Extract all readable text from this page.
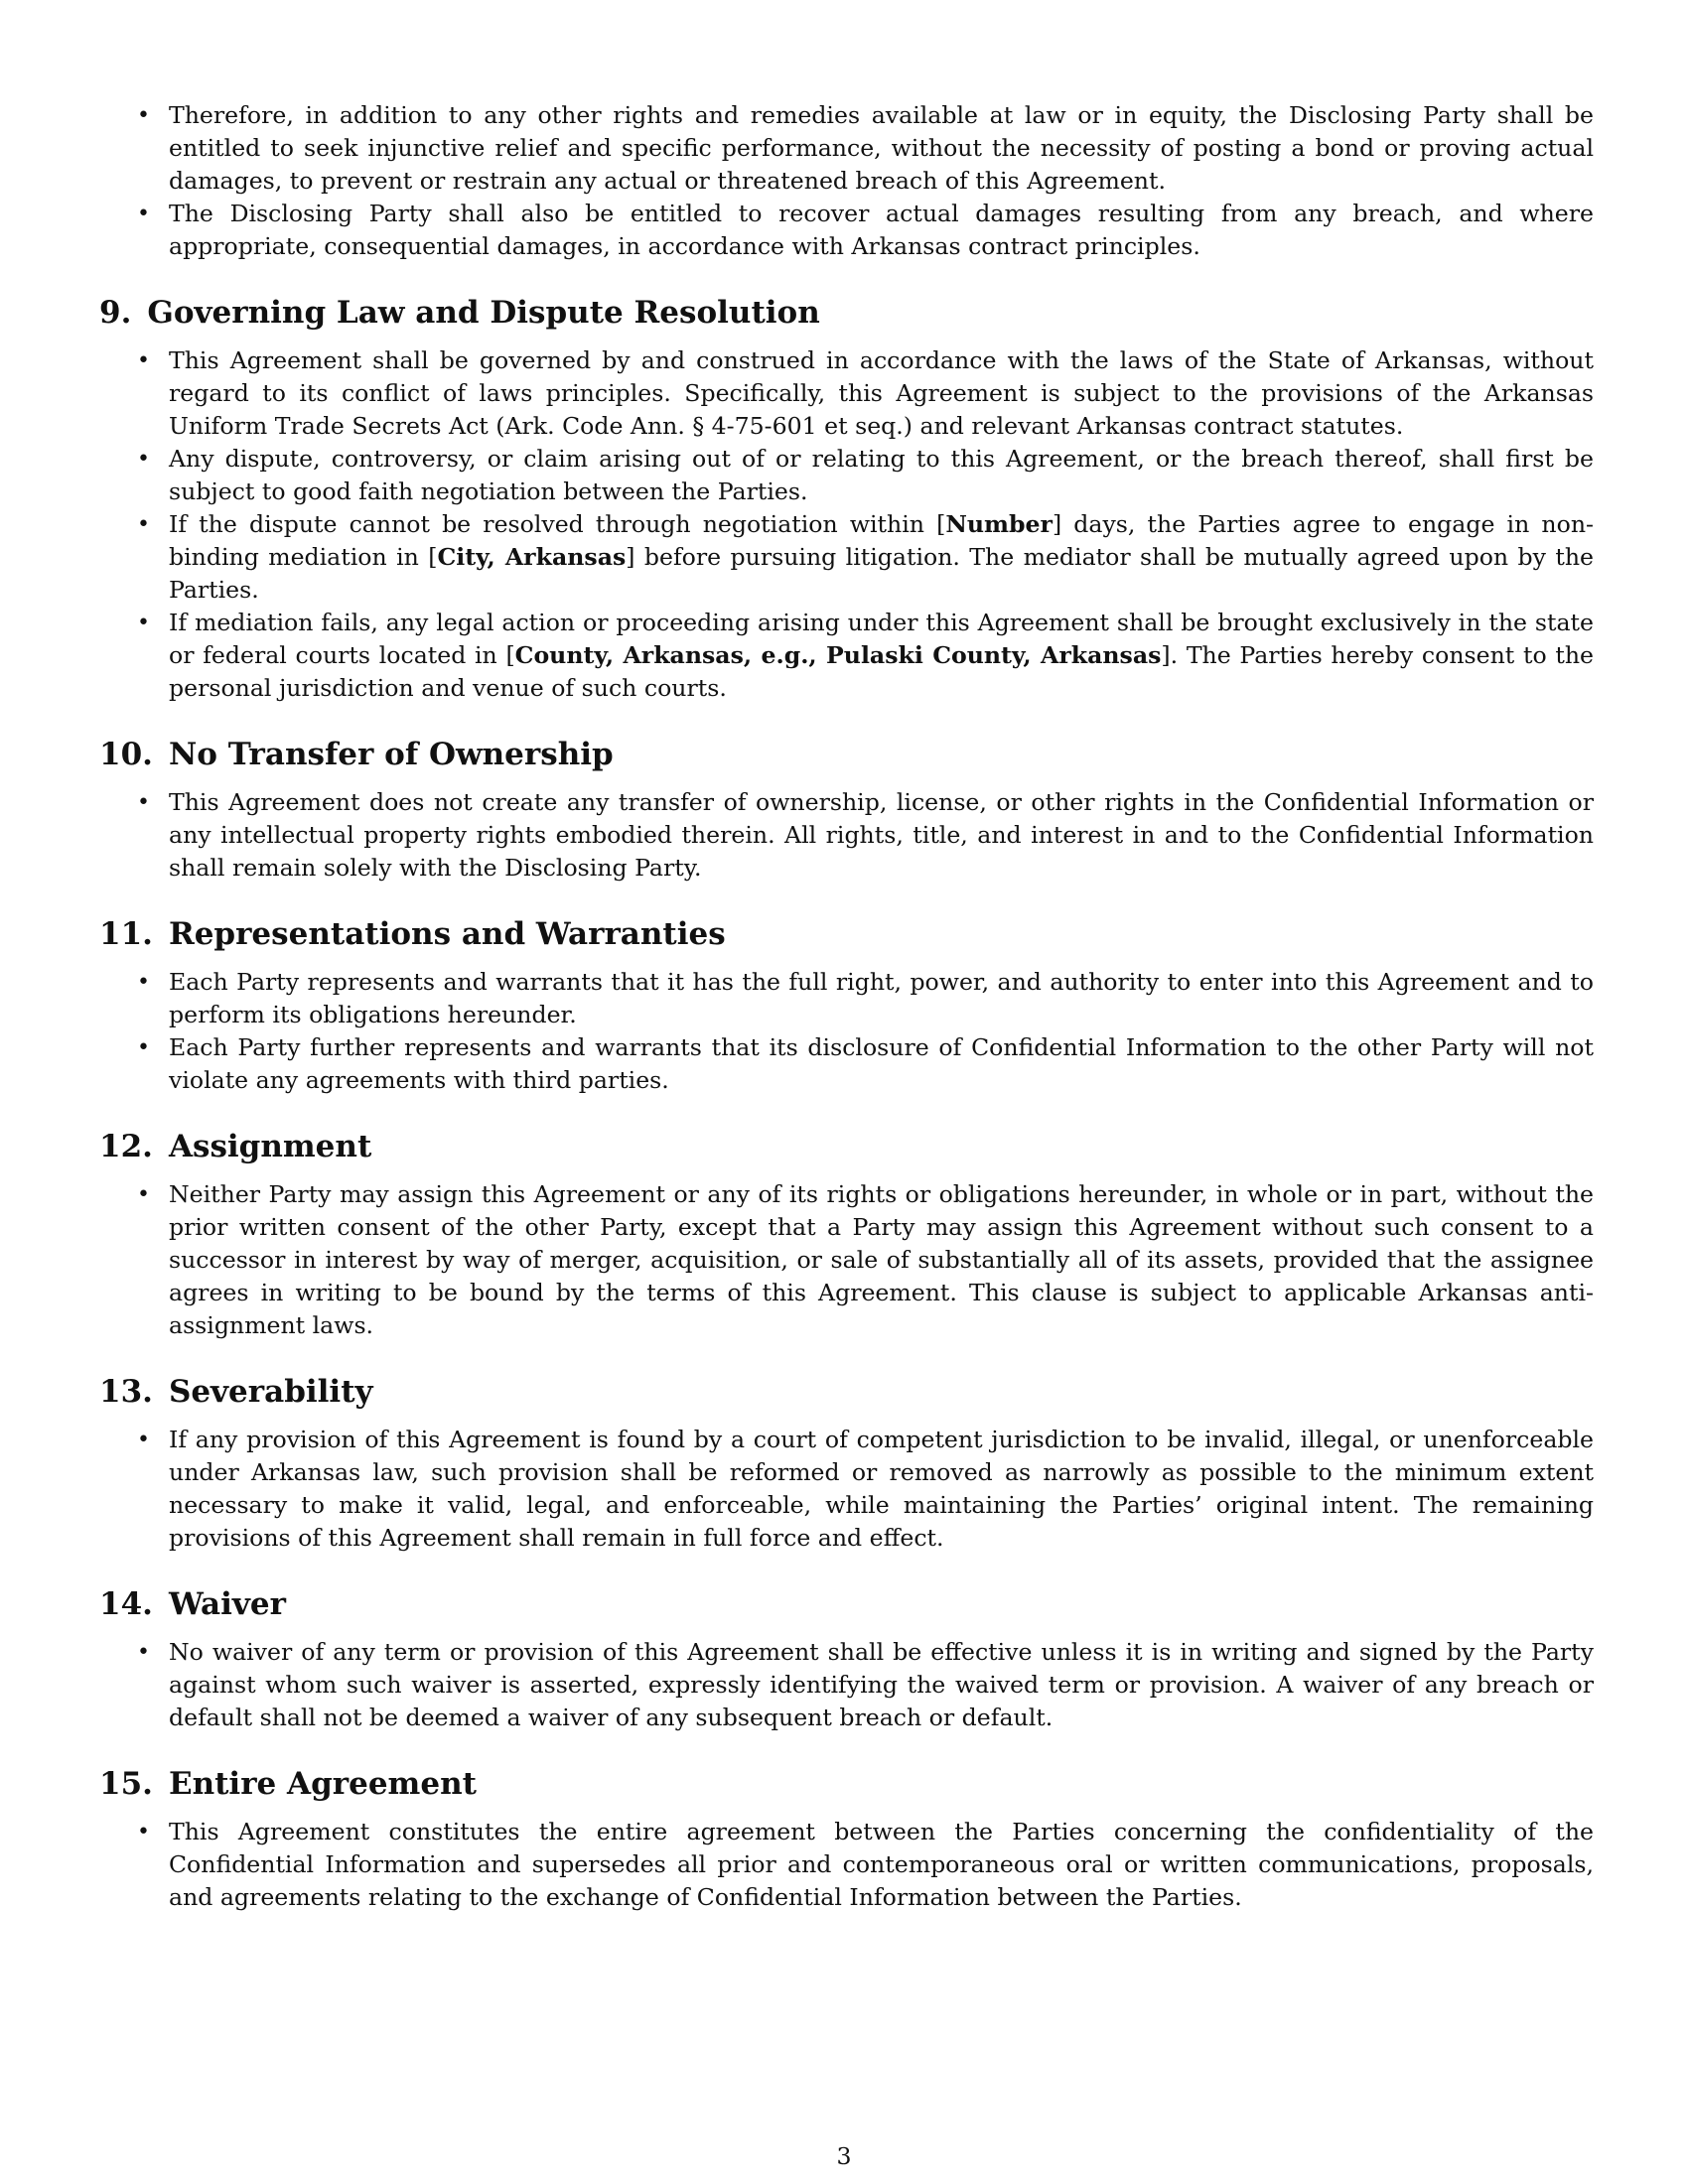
• Therefore, in addition to any other rights and remedies available at law or in equity, the Disclosing Party shall be entitled to seek injunctive relief and specific performance, without the necessity of posting a bond or proving actual damages, to prevent or restrain any actual or threatened breach of this Agreement.
• The Disclosing Party shall also be entitled to recover actual damages resulting from any breach, and where appropriate, consequential damages, in accordance with Arkansas contract principles.
9. Governing Law and Dispute Resolution
• This Agreement shall be governed by and construed in accordance with the laws of the State of Arkansas, without regard to its conflict of laws principles. Specifically, this Agreement is subject to the provisions of the Arkansas Uniform Trade Secrets Act (Ark. Code Ann. § 4-75-601 et seq.) and relevant Arkansas contract statutes.
• Any dispute, controversy, or claim arising out of or relating to this Agreement, or the breach thereof, shall first be subject to good faith negotiation between the Parties.
• If the dispute cannot be resolved through negotiation within [Number] days, the Parties agree to engage in non-binding mediation in [City, Arkansas] before pursuing litigation. The mediator shall be mutually agreed upon by the Parties.
• If mediation fails, any legal action or proceeding arising under this Agreement shall be brought exclusively in the state or federal courts located in [County, Arkansas, e.g., Pulaski County, Arkansas]. The Parties hereby consent to the personal jurisdiction and venue of such courts.
10. No Transfer of Ownership
• This Agreement does not create any transfer of ownership, license, or other rights in the Confidential Information or any intellectual property rights embodied therein. All rights, title, and interest in and to the Confidential Information shall remain solely with the Disclosing Party.
11. Representations and Warranties
• Each Party represents and warrants that it has the full right, power, and authority to enter into this Agreement and to perform its obligations hereunder.
• Each Party further represents and warrants that its disclosure of Confidential Information to the other Party will not violate any agreements with third parties.
12. Assignment
• Neither Party may assign this Agreement or any of its rights or obligations hereunder, in whole or in part, without the prior written consent of the other Party, except that a Party may assign this Agreement without such consent to a successor in interest by way of merger, acquisition, or sale of substantially all of its assets, provided that the assignee agrees in writing to be bound by the terms of this Agreement. This clause is subject to applicable Arkansas anti-assignment laws.
13. Severability
• If any provision of this Agreement is found by a court of competent jurisdiction to be invalid, illegal, or unenforceable under Arkansas law, such provision shall be reformed or removed as narrowly as possible to the minimum extent necessary to make it valid, legal, and enforceable, while maintaining the Parties’ original intent. The remaining provisions of this Agreement shall remain in full force and effect.
14. Waiver
• No waiver of any term or provision of this Agreement shall be effective unless it is in writing and signed by the Party against whom such waiver is asserted, expressly identifying the waived term or provision. A waiver of any breach or default shall not be deemed a waiver of any subsequent breach or default.
15. Entire Agreement
• This Agreement constitutes the entire agreement between the Parties concerning the confidentiality of the Confidential Information and supersedes all prior and contemporaneous oral or written communications, proposals, and agreements relating to the exchange of Confidential Information between the Parties.
3
